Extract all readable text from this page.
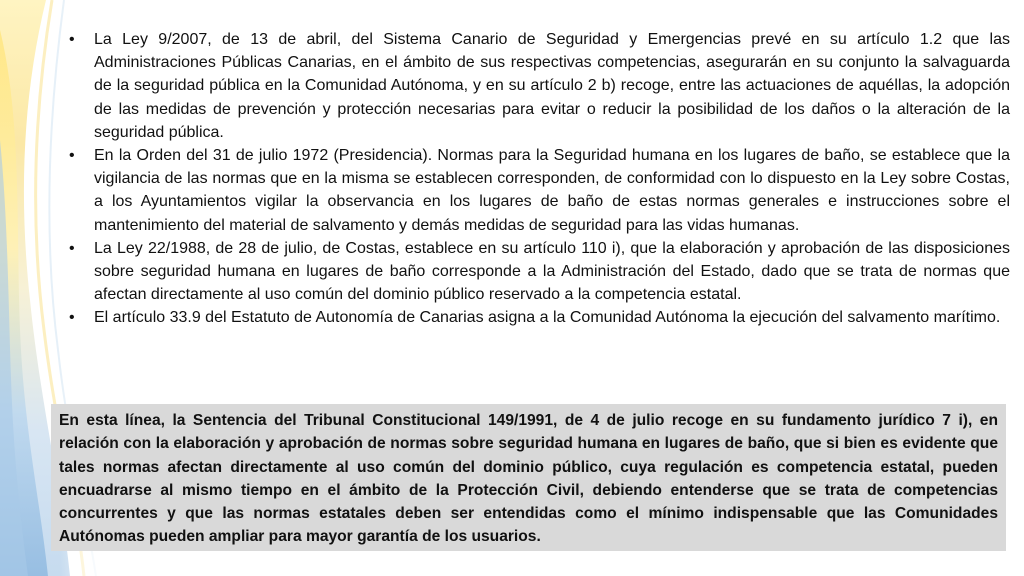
• La Ley 9/2007, de 13 de abril, del Sistema Canario de Seguridad y Emergencias prevé en su artículo 1.2 que las Administraciones Públicas Canarias, en el ámbito de sus respectivas competencias, asegurarán en su conjunto la salvaguarda de la seguridad pública en la Comunidad Autónoma, y en su artículo 2 b) recoge, entre las actuaciones de aquéllas, la adopción de las medidas de prevención y protección necesarias para evitar o reducir la posibilidad de los daños o la alteración de la seguridad pública.
• En la Orden del 31 de julio 1972 (Presidencia). Normas para la Seguridad humana en los lugares de baño, se establece que la vigilancia de las normas que en la misma se establecen corresponden, de conformidad con lo dispuesto en la Ley sobre Costas, a los Ayuntamientos vigilar la observancia en los lugares de baño de estas normas generales e instrucciones sobre el mantenimiento del material de salvamento y demás medidas de seguridad para las vidas humanas.
• La Ley 22/1988, de 28 de julio, de Costas, establece en su artículo 110 i), que la elaboración y aprobación de las disposiciones sobre seguridad humana en lugares de baño corresponde a la Administración del Estado, dado que se trata de normas que afectan directamente al uso común del dominio público reservado a la competencia estatal.
• El artículo 33.9 del Estatuto de Autonomía de Canarias asigna a la Comunidad Autónoma la ejecución del salvamento marítimo.

En esta línea, la Sentencia del Tribunal Constitucional 149/1991, de 4 de julio recoge en su fundamento jurídico 7 i), en relación con la elaboración y aprobación de normas sobre seguridad humana en lugares de baño, que si bien es evidente que tales normas afectan directamente al uso común del dominio público, cuya regulación es competencia estatal, pueden encuadrarse al mismo tiempo en el ámbito de la Protección Civil, debiendo entenderse que se trata de competencias concurrentes y que las normas estatales deben ser entendidas como el mínimo indispensable que las Comunidades Autónomas pueden ampliar para mayor garantía de los usuarios.
